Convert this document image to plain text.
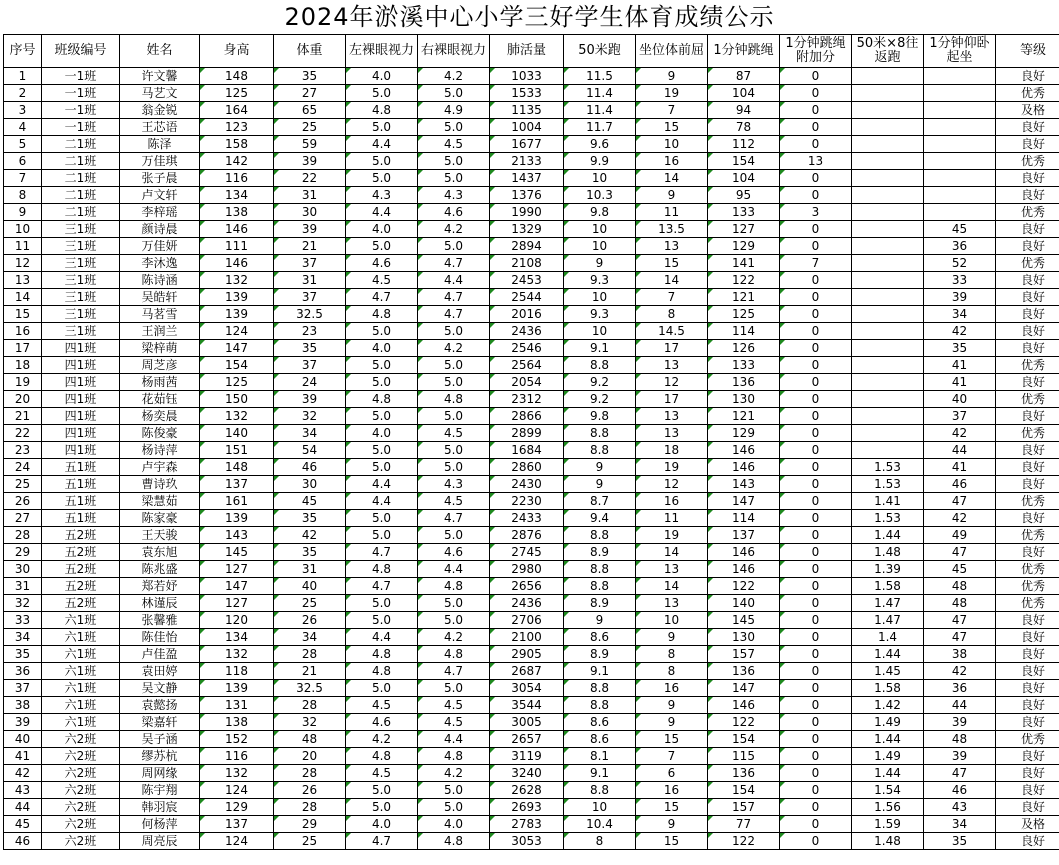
2024年淤溪中心小学三好学生体育成绩公示
序号	班级编号	姓名	身高	体重	左裸眼视力	右裸眼视力	肺活量	50米跑	坐位体前屈	1分钟跳绳	1分钟跳绳附加分	50米×8往返跑	1分钟仰卧起坐	等级
1	一1班	许文馨	148	35	4.0	4.2	1033	11.5	9	87	0			良好
2	一1班	马艺文	125	27	5.0	5.0	1533	11.4	19	104	0			优秀
3	一1班	翁金锐	164	65	4.8	4.9	1135	11.4	7	94	0			及格
4	一1班	王芯语	123	25	5.0	5.0	1004	11.7	15	78	0			良好
5	二1班	陈泽	158	59	4.4	4.5	1677	9.6	10	112	0			良好
6	二1班	万佳琪	142	39	5.0	5.0	2133	9.9	16	154	13			优秀
7	二1班	张子晨	116	22	5.0	5.0	1437	10	14	104	0			良好
8	二1班	卢文轩	134	31	4.3	4.3	1376	10.3	9	95	0			良好
9	二1班	李梓瑶	138	30	4.4	4.6	1990	9.8	11	133	3			优秀
10	三1班	颜诗晨	146	39	4.0	4.2	1329	10	13.5	127	0		45	良好
11	三1班	万佳妍	111	21	5.0	5.0	2894	10	13	129	0		36	良好
12	三1班	李沐逸	146	37	4.6	4.7	2108	9	15	141	7		52	优秀
13	三1班	陈诗涵	132	31	4.5	4.4	2453	9.3	14	122	0		33	良好
14	三1班	吴皓轩	139	37	4.7	4.7	2544	10	7	121	0		39	良好
15	三1班	马茗雪	139	32.5	4.8	4.7	2016	9.3	8	125	0		34	良好
16	三1班	王润兰	124	23	5.0	5.0	2436	10	14.5	114	0		42	良好
17	四1班	梁梓萌	147	35	4.0	4.2	2546	9.1	17	126	0		35	良好
18	四1班	周芝彦	154	37	5.0	5.0	2564	8.8	13	133	0		41	优秀
19	四1班	杨雨茜	125	24	5.0	5.0	2054	9.2	12	136	0		41	良好
20	四1班	花茹钰	150	39	4.8	4.8	2312	9.2	17	130	0		40	优秀
21	四1班	杨奕晨	132	32	5.0	5.0	2866	9.8	13	121	0		37	良好
22	四1班	陈俊豪	140	34	4.0	4.5	2899	8.8	13	129	0		42	优秀
23	四1班	杨诗萍	151	54	5.0	5.0	1684	8.8	18	146	0		44	良好
24	五1班	卢宇森	148	46	5.0	5.0	2860	9	19	146	0	1.53	41	良好
25	五1班	曹诗玖	137	30	4.4	4.3	2430	9	12	143	0	1.53	46	良好
26	五1班	梁慧茹	161	45	4.4	4.5	2230	8.7	16	147	0	1.41	47	优秀
27	五1班	陈家豪	139	35	5.0	4.7	2433	9.4	11	114	0	1.53	42	良好
28	五2班	王天骏	143	42	5.0	5.0	2876	8.8	19	137	0	1.44	49	优秀
29	五2班	袁东旭	145	35	4.7	4.6	2745	8.9	14	146	0	1.48	47	良好
30	五2班	陈兆盛	127	31	4.8	4.4	2980	8.8	13	146	0	1.39	45	优秀
31	五2班	郑若妤	147	40	4.7	4.8	2656	8.8	14	122	0	1.58	48	优秀
32	五2班	林谨辰	127	25	5.0	5.0	2436	8.9	13	140	0	1.47	48	优秀
33	六1班	张馨雅	120	26	5.0	5.0	2706	9	10	145	0	1.47	47	良好
34	六1班	陈佳怡	134	34	4.4	4.2	2100	8.6	9	130	0	1.4	47	良好
35	六1班	卢佳盈	132	28	4.8	4.8	2905	8.9	8	157	0	1.44	38	良好
36	六1班	袁田婷	118	21	4.8	4.7	2687	9.1	8	136	0	1.45	42	良好
37	六1班	吴文静	139	32.5	5.0	5.0	3054	8.8	16	147	0	1.58	36	良好
38	六1班	袁懿扬	131	28	4.5	4.5	3544	8.8	9	146	0	1.42	44	良好
39	六1班	梁嘉轩	138	32	4.6	4.5	3005	8.6	9	122	0	1.49	39	良好
40	六2班	吴子涵	152	48	4.2	4.4	2657	8.6	15	154	0	1.44	48	优秀
41	六2班	缪苏杭	116	20	4.8	4.8	3119	8.1	7	115	0	1.49	39	良好
42	六2班	周网缘	132	28	4.5	4.2	3240	9.1	6	136	0	1.44	47	良好
43	六2班	陈宇翔	124	26	5.0	5.0	2628	8.8	16	154	0	1.54	46	良好
44	六2班	韩羽宸	129	28	5.0	5.0	2693	10	15	157	0	1.56	43	良好
45	六2班	何杨萍	137	29	4.0	4.0	2783	10.4	9	77	0	1.59	34	及格
46	六2班	周亮辰	124	25	4.7	4.8	3053	8	15	122	0	1.48	35	良好
